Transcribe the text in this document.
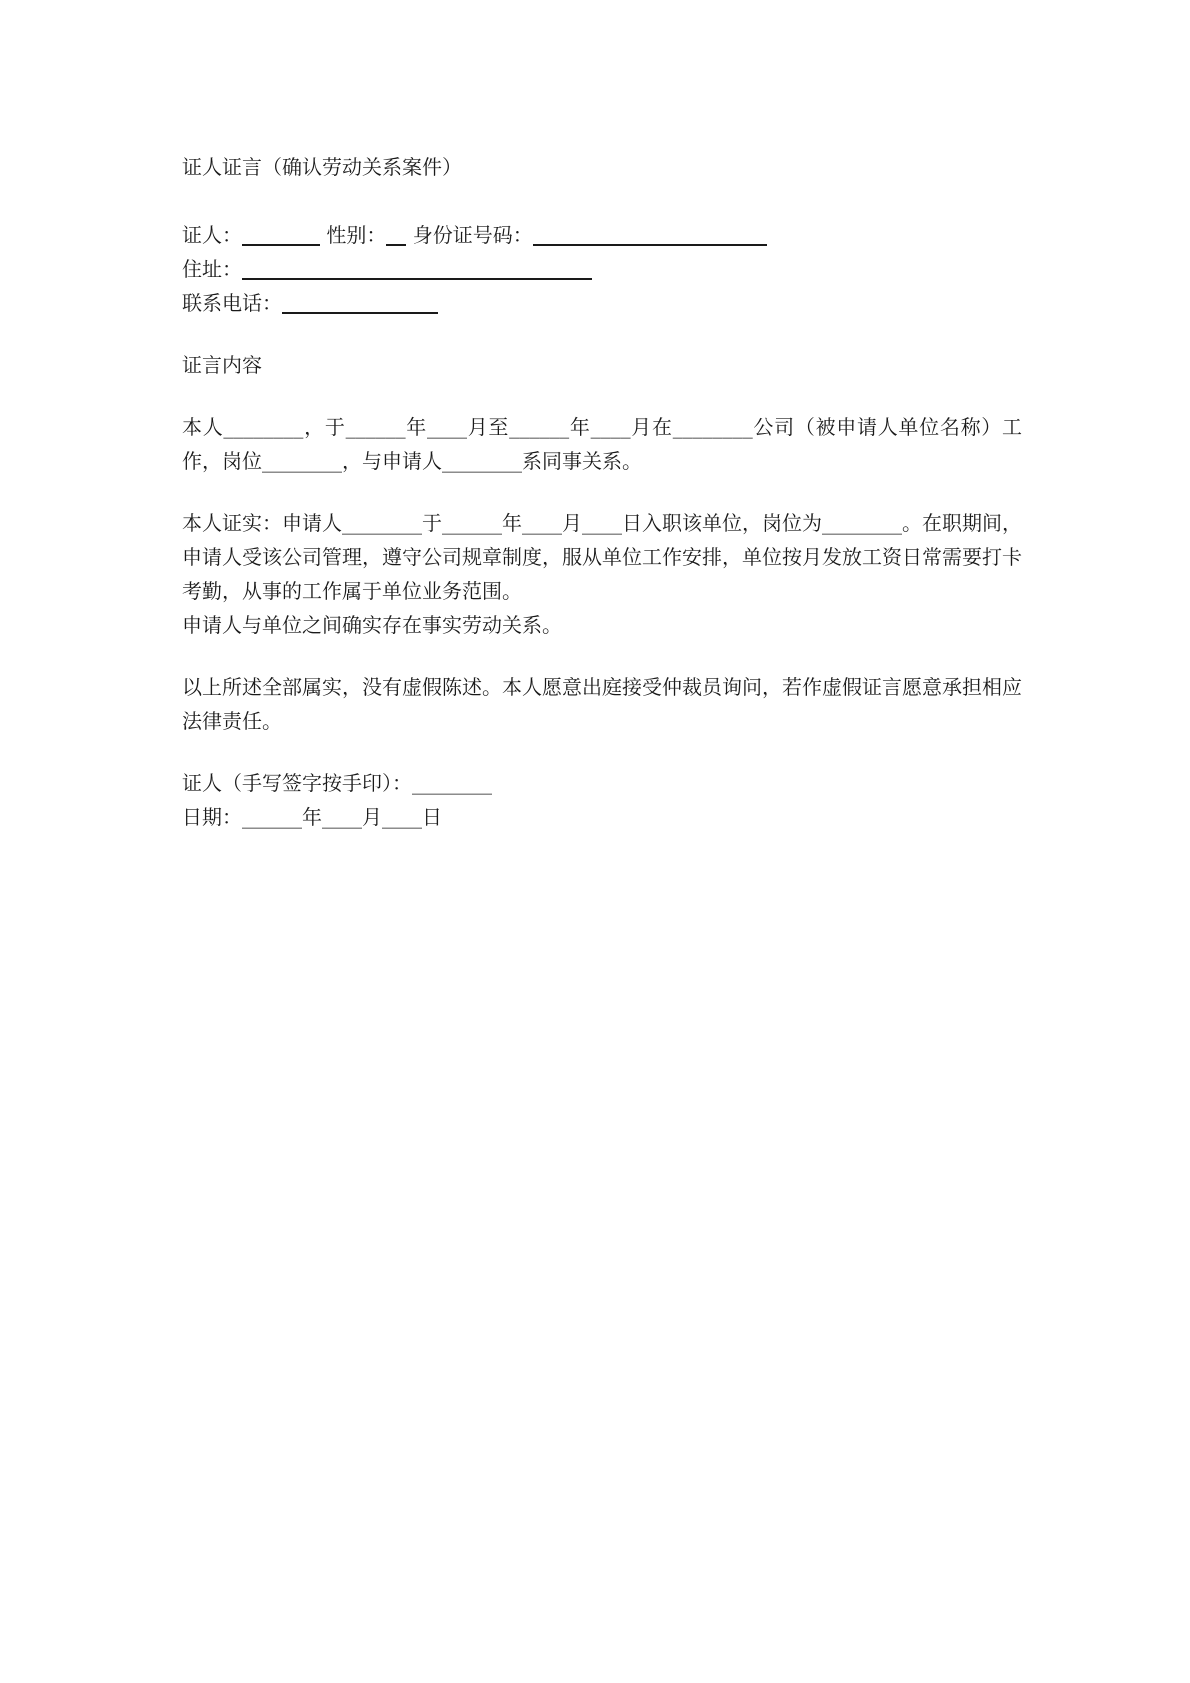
证人证言（确认劳动关系案件）
证人：	性别： 身份证号码：
住址：
联系电话：
证言内容
本人________，于______年____月至______年____月在________公司（被申请人单位名称）工作，岗位________，与申请人________系同事关系。
本人证实：申请人________于______年____月____日入职该单位，岗位为________。在职期间，申请人受该公司管理，遵守公司规章制度，服从单位工作安排，单位按月发放工资日常需要打卡考勤，从事的工作属于单位业务范围。
申请人与单位之间确实存在事实劳动关系。
以上所述全部属实，没有虚假陈述。本人愿意出庭接受仲裁员询问，若作虚假证言愿意承担相应法律责任。
证人（手写签字按手印）：________
日期：______年____月____日
